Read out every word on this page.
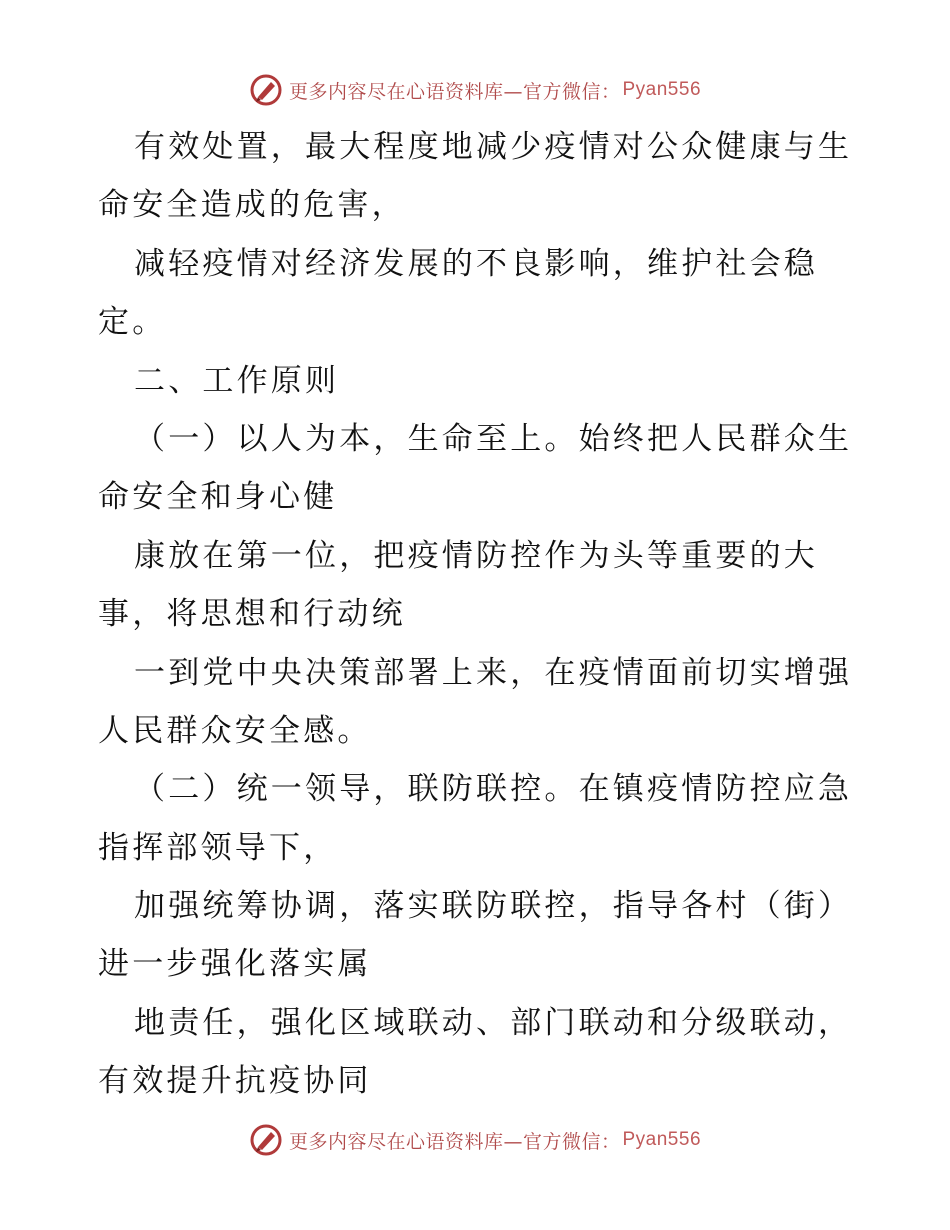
更多内容尽在心语资料库—官方微信： Pyan556
有效处置，最大程度地减少疫情对公众健康与生
命安全造成的危害，
减轻疫情对经济发展的不良影响，维护社会稳
定。
二、工作原则
（一）以人为本，生命至上。始终把人民群众生
命安全和身心健
康放在第一位，把疫情防控作为头等重要的大
事，将思想和行动统
一到党中央决策部署上来，在疫情面前切实增强
人民群众安全感。
（二）统一领导，联防联控。在镇疫情防控应急
指挥部领导下，
加强统筹协调，落实联防联控，指导各村（街）
进一步强化落实属
地责任，强化区域联动、部门联动和分级联动，
有效提升抗疫协同
更多内容尽在心语资料库—官方微信： Pyan556
